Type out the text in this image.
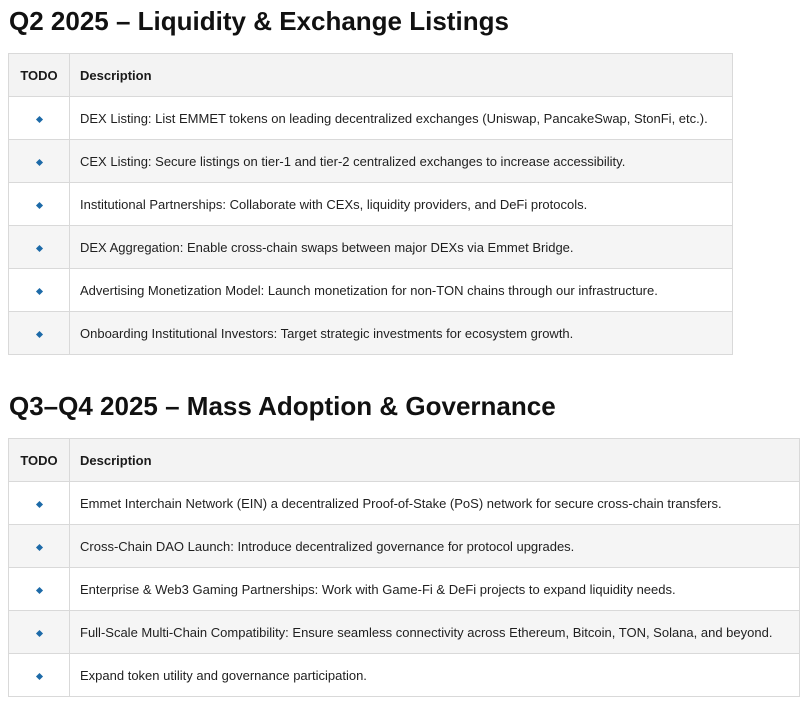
Q2 2025 – Liquidity & Exchange Listings
TODO	Description
	DEX Listing: List EMMET tokens on leading decentralized exchanges (Uniswap, PancakeSwap, StonFi, etc.).
	CEX Listing: Secure listings on tier-1 and tier-2 centralized exchanges to increase accessibility.
	Institutional Partnerships: Collaborate with CEXs, liquidity providers, and DeFi protocols.
	DEX Aggregation: Enable cross-chain swaps between major DEXs via Emmet Bridge.
	Advertising Monetization Model: Launch monetization for non-TON chains through our infrastructure.
	Onboarding Institutional Investors: Target strategic investments for ecosystem growth.
Q3–Q4 2025 – Mass Adoption & Governance
TODO	Description
	Emmet Interchain Network (EIN) a decentralized Proof-of-Stake (PoS) network for secure cross-chain transfers.
	Cross-Chain DAO Launch: Introduce decentralized governance for protocol upgrades.
	Enterprise & Web3 Gaming Partnerships: Work with Game-Fi & DeFi projects to expand liquidity needs.
	Full-Scale Multi-Chain Compatibility: Ensure seamless connectivity across Ethereum, Bitcoin, TON, Solana, and beyond.
	Expand token utility and governance participation.
